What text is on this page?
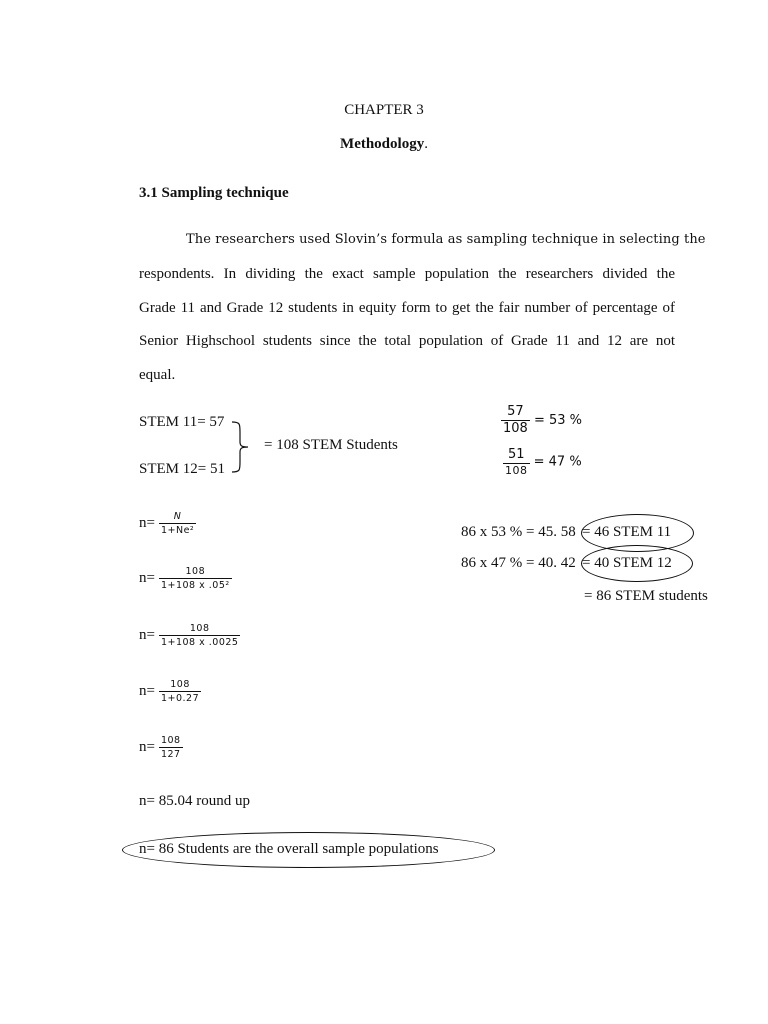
CHAPTER 3
Methodology.
3.1 Sampling technique
The researchers used Slovin’s formula as sampling technique in selecting the
respondents. In dividing the exact sample population the researchers divided the
Grade 11 and Grade 12 students in equity form to get the fair number of percentage of
Senior Highschool students since the total population of Grade 11 and 12 are not
equal.
STEM 11= 57
STEM 12= 51
= 108 STEM Students
$\frac{57}{108} = 53$ %
$\frac{51}{108} = 47$ %
86 x 53 % = 45. 58 = 46 STEM 11
86 x 47 % = 40. 42 = 40 STEM 12
= 86 STEM students
$n= \frac{N}{\text{1+Ne²}}$
$n= \frac{108}{\text{1+108 x .05²}}$
$n= \frac{108}{1+108 x .0025}$
$n= \frac{108}{1+0.27}$
$n= \frac{108}{127}$
n= 85.04 round up
n= 86 Students are the overall sample populations
